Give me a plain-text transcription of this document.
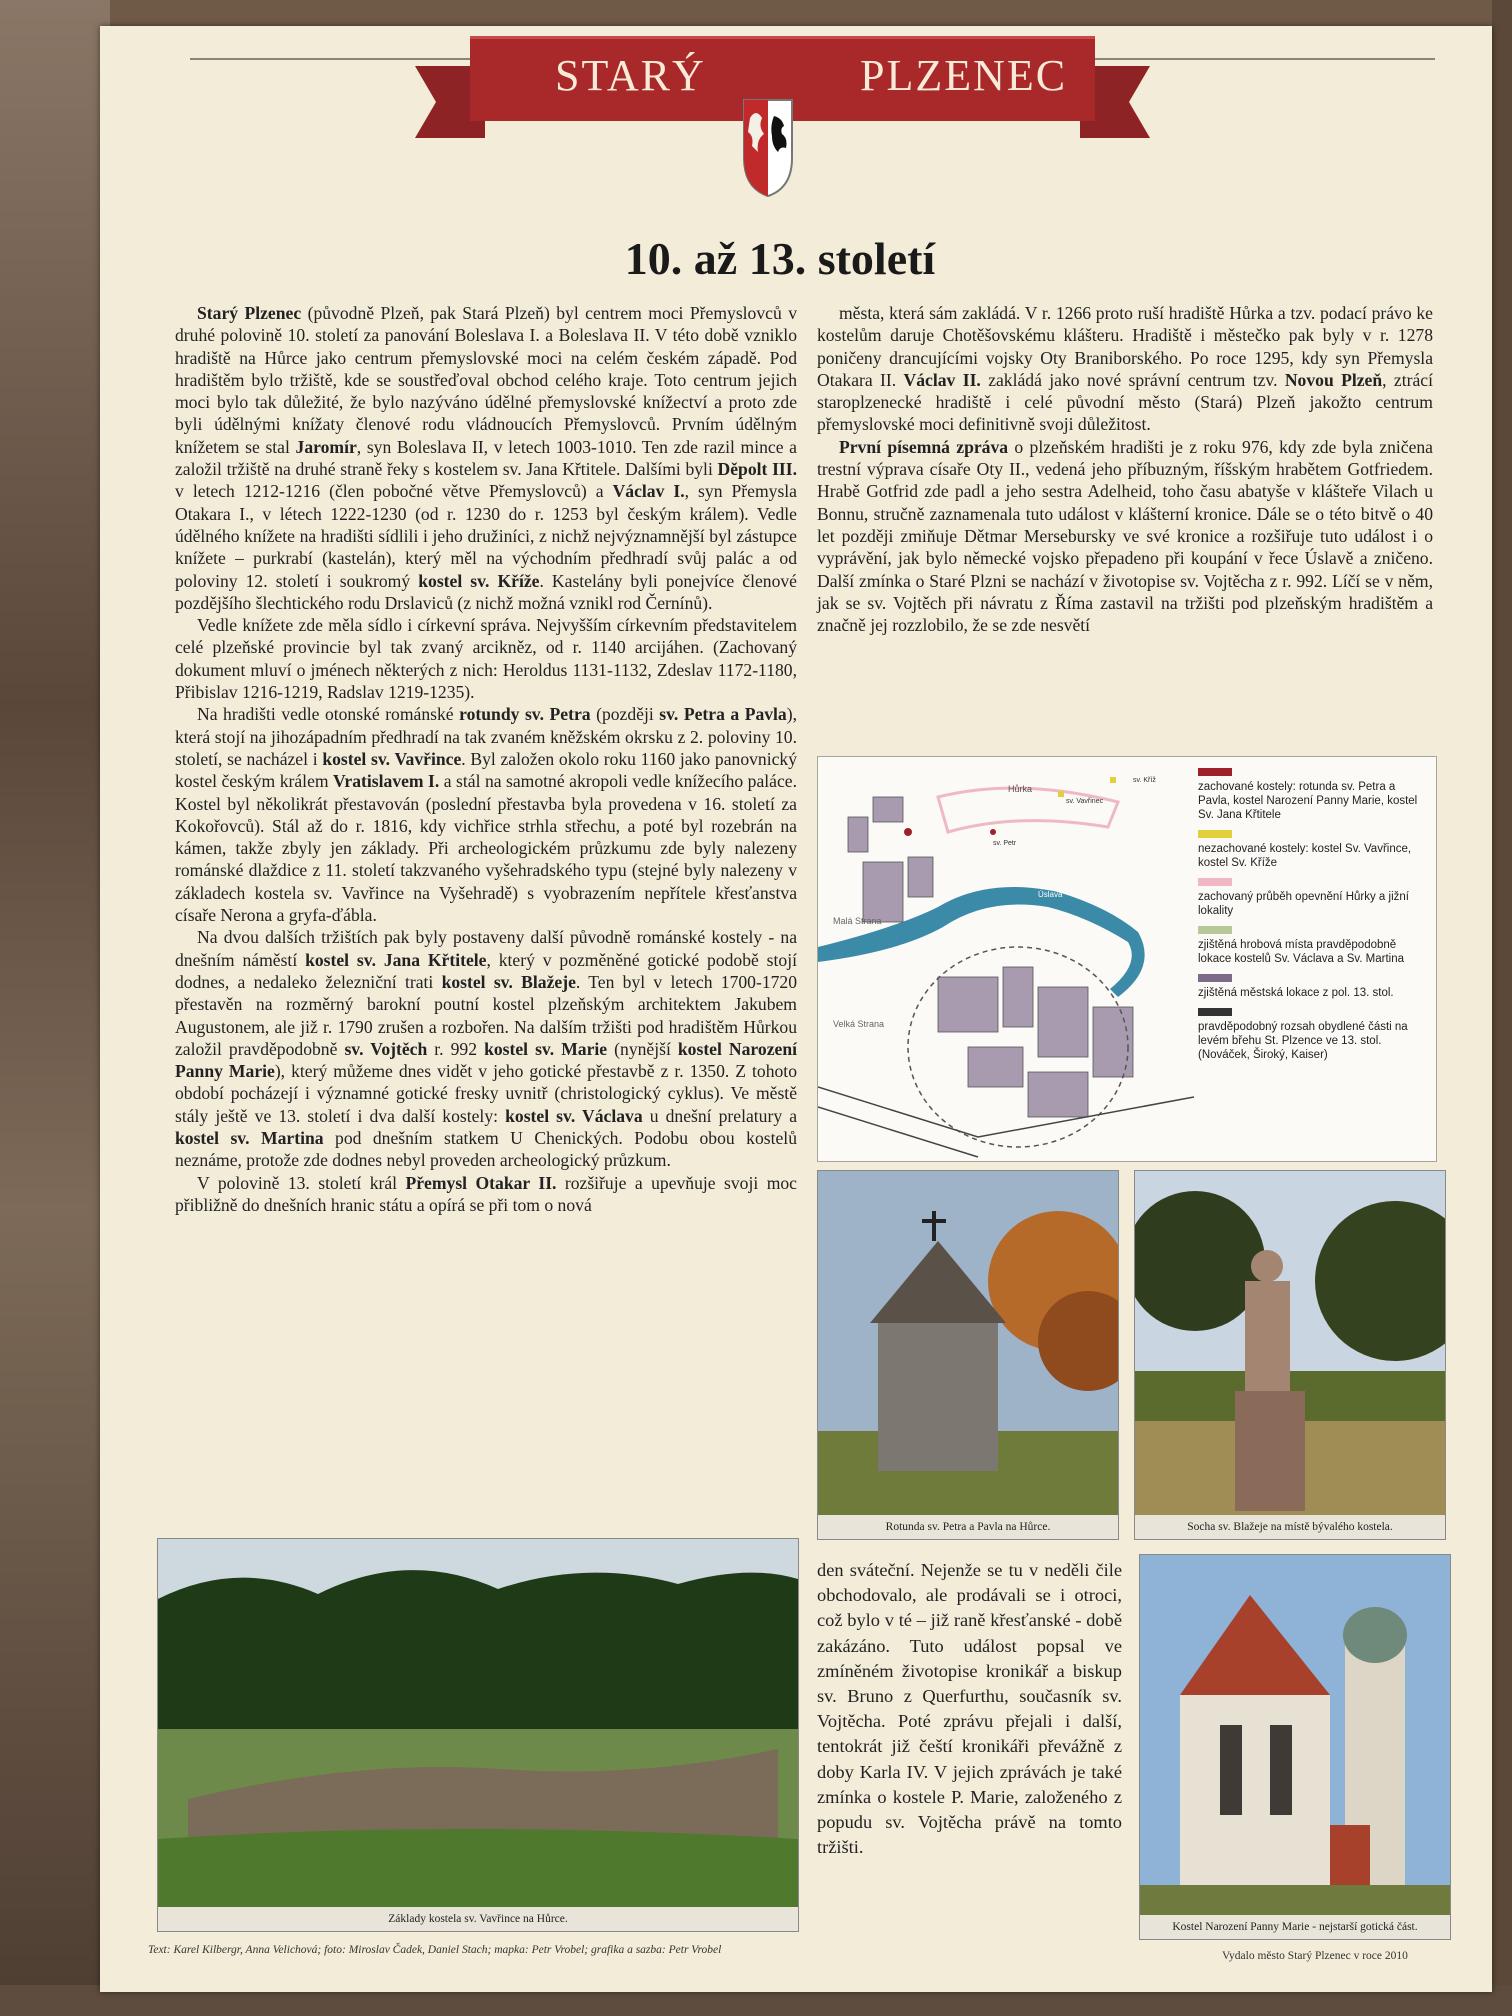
STARÝ	PLZENEC
10. až 13. století

Starý Plzenec (původně Plzeň, pak Stará Plzeň) byl centrem moci Přemyslovců v druhé polovině 10. století za panování Boleslava I. a Boleslava II. V této době vzniklo hradiště na Hůrce jako centrum přemyslovské moci na celém českém západě. Pod hradištěm bylo tržiště, kde se soustřeďoval obchod celého kraje. Toto centrum jejich moci bylo tak důležité, že bylo nazýváno údělné přemyslovské knížectví a proto zde byli údělnými knížaty členové rodu vládnoucích Přemyslovců. Prvním údělným knížetem se stal Jaromír, syn Boleslava II, v letech 1003-1010. Ten zde razil mince a založil tržiště na druhé straně řeky s kostelem sv. Jana Křtitele. Dalšími byli Děpolt III. v letech 1212-1216 (člen pobočné větve Přemyslovců) a Václav I., syn Přemysla Otakara I., v létech 1222-1230 (od r. 1230 do r. 1253 byl českým králem). Vedle údělného knížete na hradišti sídlili i jeho družiníci, z nichž nejvýznamnější byl zástupce knížete – purkrabí (kastelán), který měl na východním předhradí svůj palác a od poloviny 12. století i soukromý kostel sv. Kříže. Kastelány byli ponejvíce členové pozdějšího šlechtického rodu Drslaviců (z nichž možná vznikl rod Černínů).

Vedle knížete zde měla sídlo i církevní správa. Nejvyšším církevním představitelem celé plzeňské provincie byl tak zvaný arcikněz, od r. 1140 arcijáhen. (Zachovaný dokument mluví o jménech některých z nich: Heroldus 1131-1132, Zdeslav 1172-1180, Přibislav 1216-1219, Radslav 1219-1235).

Na hradišti vedle otonské románské rotundy sv. Petra (později sv. Petra a Pavla), která stojí na jihozápadním předhradí na tak zvaném kněžském okrsku z 2. poloviny 10. století, se nacházel i kostel sv. Vavřince. Byl založen okolo roku 1160 jako panovnický kostel českým králem Vratislavem I. a stál na samotné akropoli vedle knížecího paláce. Kostel byl několikrát přestavován (poslední přestavba byla provedena v 16. století za Kokořovců). Stál až do r. 1816, kdy vichřice strhla střechu, a poté byl rozebrán na kámen, takže zbyly jen základy. Při archeologickém průzkumu zde byly nalezeny románské dlaždice z 11. století takzvaného vyšehradského typu (stejné byly nalezeny v základech kostela sv. Vavřince na Vyšehradě) s vyobrazením nepřítele křesťanstva císaře Nerona a gryfa-ďábla.

Na dvou dalších tržištích pak byly postaveny další původně románské kostely - na dnešním náměstí kostel sv. Jana Křtitele, který v pozměněné gotické podobě stojí dodnes, a nedaleko železniční trati kostel sv. Blažeje. Ten byl v letech 1700-1720 přestavěn na rozměrný barokní poutní kostel plzeňským architektem Jakubem Augustonem, ale již r. 1790 zrušen a rozbořen. Na dalším tržišti pod hradištěm Hůrkou založil pravděpodobně sv. Vojtěch r. 992 kostel sv. Marie (nynější kostel Narození Panny Marie), který můžeme dnes vidět v jeho gotické přestavbě z r. 1350. Z tohoto období pocházejí i významné gotické fresky uvnitř (christologický cyklus). Ve městě stály ještě ve 13. století i dva další kostely: kostel sv. Václava u dnešní prelatury a kostel sv. Martina pod dnešním statkem U Chenických. Podobu obou kostelů neznáme, protože zde dodnes nebyl proveden archeologický průzkum.

V polovině 13. století král Přemysl Otakar II. rozšiřuje a upevňuje svoji moc přibližně do dnešních hranic státu a opírá se při tom o nová

města, která sám zakládá. V r. 1266 proto ruší hradiště Hůrka a tzv. podací právo ke kostelům daruje Chotěšovskému klášteru. Hradiště i městečko pak byly v r. 1278 poničeny drancujícími vojsky Oty Braniborského. Po roce 1295, kdy syn Přemysla Otakara II. Václav II. zakládá jako nové správní centrum tzv. Novou Plzeň, ztrácí staroplzenecké hradiště i celé původní město (Stará) Plzeň jakožto centrum přemyslovské moci definitivně svoji důležitost.

První písemná zpráva o plzeňském hradišti je z roku 976, kdy zde byla zničena trestní výprava císaře Oty II., vedená jeho příbuzným, říšským hrabětem Gotfriedem. Hrabě Gotfrid zde padl a jeho sestra Adelheid, toho času abatyše v klášteře Vilach u Bonnu, stručně zaznamenala tuto událost v klášterní kronice. Dále se o této bitvě o 40 let později zmiňuje Dětmar Mersebursky ve své kronice a rozšiřuje tuto událost i o vyprávění, jak bylo německé vojsko přepadeno při koupání v řece Úslavě a zničeno. Další zmínka o Staré Plzni se nachází v životopise sv. Vojtěcha z r. 992. Líčí se v něm, jak se sv. Vojtěch při návratu z Říma zastavil na tržišti pod plzeňským hradištěm a značně jej rozzlobilo, že se zde nesvětí

Hůrka
sv. Kříž
sv. Vavřinec
sv. Petr
Malá Strana
Velká Strana
Úslava
zachované kostely: rotunda sv. Petra a Pavla, kostel Narození Panny Marie, kostel Sv. Jana Křtitele
nezachované kostely: kostel Sv. Vavřince, kostel Sv. Kříže
zachovaný průběh opevnění Hůrky a jižní lokality
zjištěná hrobová místa pravděpodobně lokace kostelů Sv. Václava a Sv. Martina
zjištěná městská lokace z pol. 13. stol.
pravděpodobný rozsah obydlené části na levém břehu St. Plzence ve 13. stol. (Nováček, Široký, Kaiser)
Rotunda sv. Petra a Pavla na Hůrce.	Socha sv. Blažeje na místě bývalého kostela.
Základy kostela sv. Vavřince na Hůrce.
Kostel Narození Panny Marie - nejstarší gotická část.

den sváteční. Nejenže se tu v neděli čile obchodovalo, ale prodávali se i otroci, což bylo v té – již raně křesťanské - době zakázáno. Tuto událost popsal ve zmíněném životopise kronikář a biskup sv. Bruno z Querfurthu, současník sv. Vojtěcha. Poté zprávu přejali i další, tentokrát již čeští kronikáři převážně z doby Karla IV. V jejich zprávách je také zmínka o kostele P. Marie, založeného z popudu sv. Vojtěcha právě na tomto tržišti.

Text: Karel Kilbergr, Anna Velichová; foto: Miroslav Čadek, Daniel Stach; mapka: Petr Vrobel; grafika a sazba: Petr Vrobel	Vydalo město Starý Plzenec v roce 2010
